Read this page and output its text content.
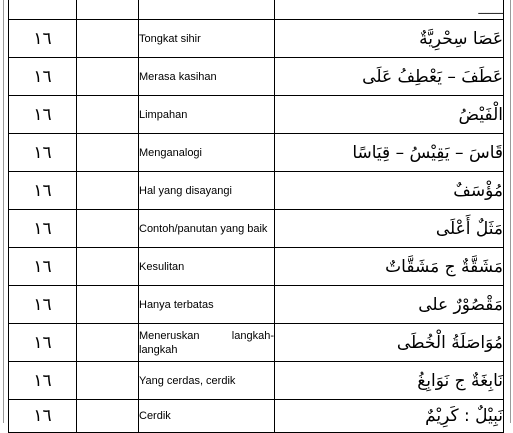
			ـــــــ
١٦		Tongkat sihir	عَصَا سِحْرِيَّةٌ
١٦		Merasa kasihan	عَطَفَ – يَعْطِفُ عَلَى
١٦		Limpahan	الْفَيْضُ
١٦		Menganalogi	قَاسَ – يَقِيْسُ – قِيَاسًا
١٦		Hal yang disayangi	مُؤْسَفٌ
١٦		Contoh/panutan yang baik	مَثَلٌ أَعْلَى
١٦		Kesulitan	مَشَقَّةٌ ج مَشَقَّاتٌ
١٦		Hanya terbatas	مَقْصُوْرٌ على
١٦		Meneruskan langkah-langkah	مُوَاصَلَةُ الْخُطَى
١٦		Yang cerdas, cerdik	نَابِغَةٌ ج نَوَابِغُ
١٦		Cerdik	نَبِيْلٌ : كَرِيْمٌ
